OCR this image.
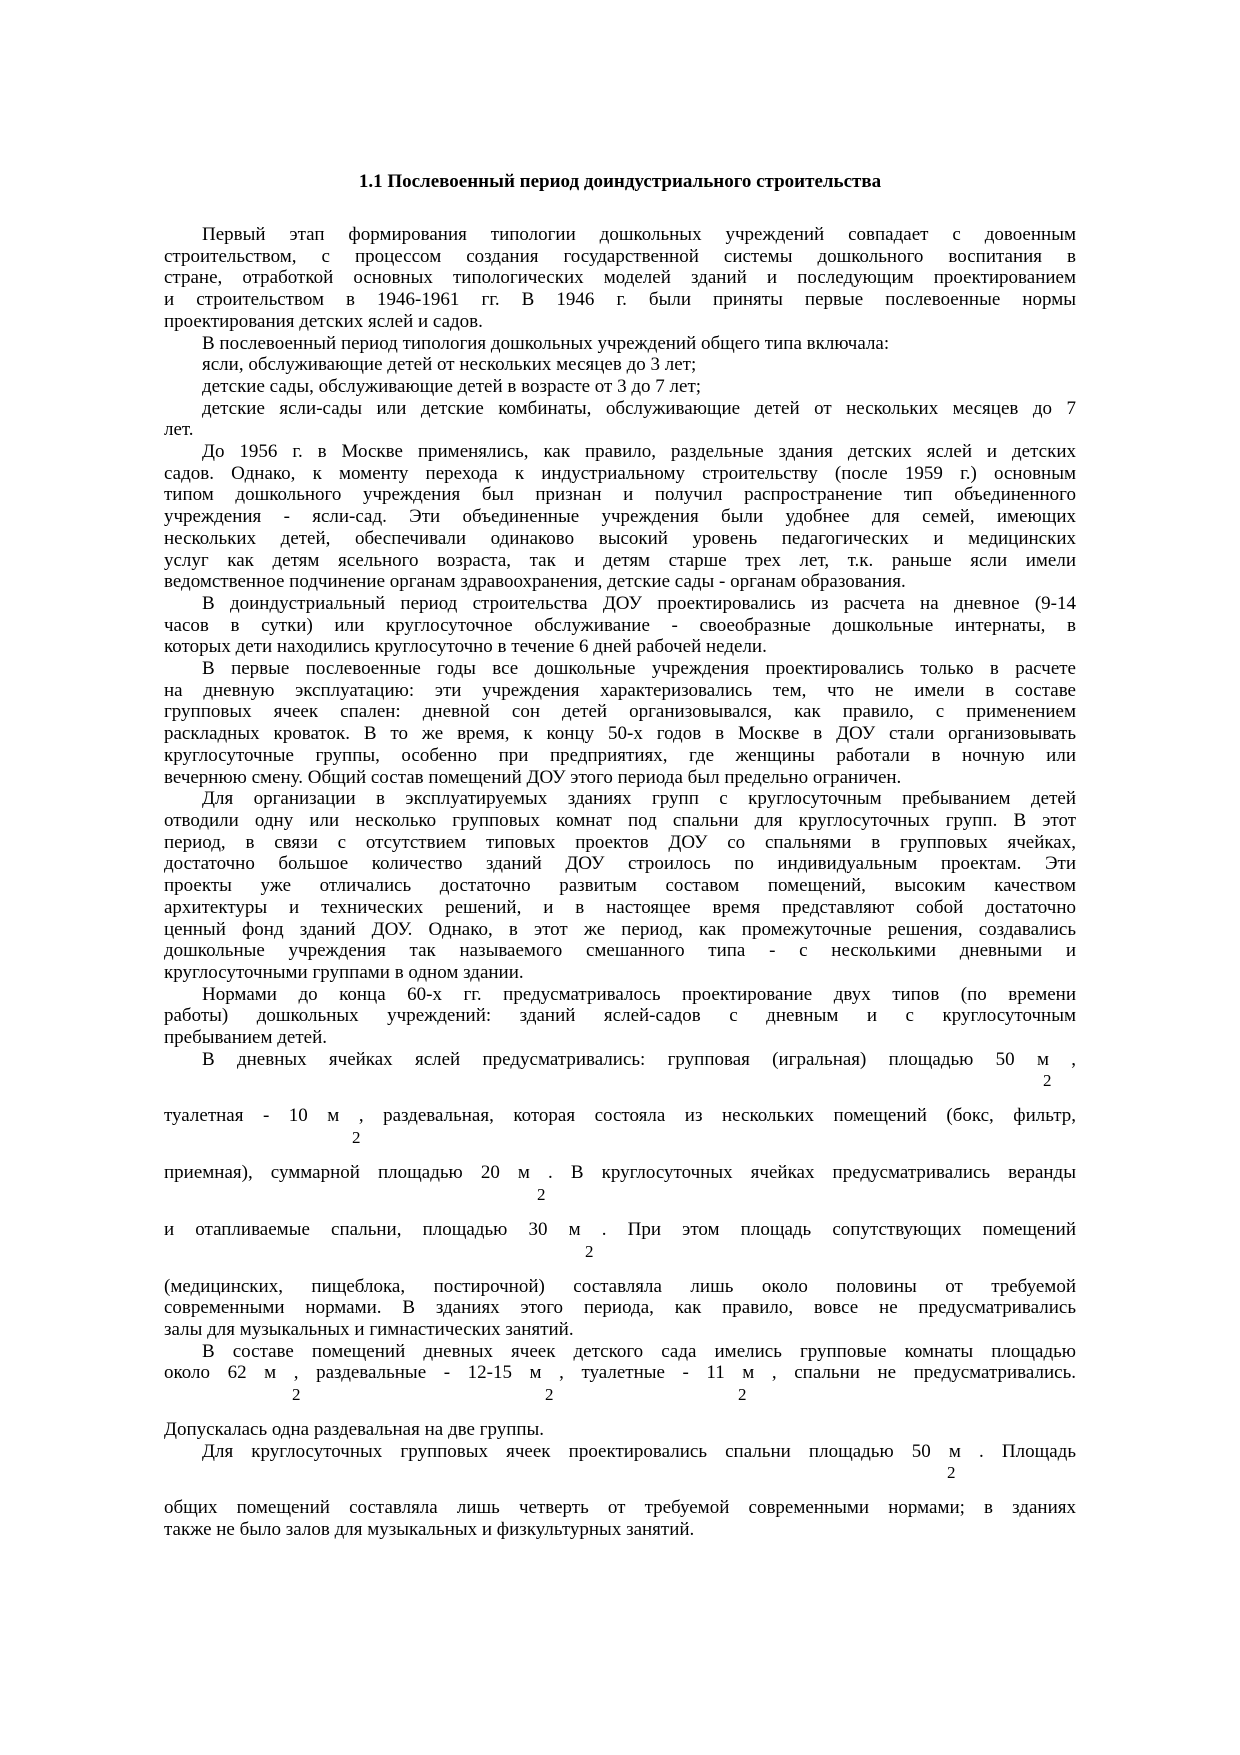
1.1 Послевоенный период доиндустриального строительства
Первый этап формирования типологии дошкольных учреждений совпадает с довоенным
строительством, с процессом создания государственной системы дошкольного воспитания в
стране, отработкой основных типологических моделей зданий и последующим проектированием
и строительством в 1946-1961 гг. В 1946 г. были приняты первые послевоенные нормы
проектирования детских яслей и садов.
В послевоенный период типология дошкольных учреждений общего типа включала:
ясли, обслуживающие детей от нескольких месяцев до 3 лет;
детские сады, обслуживающие детей в возрасте от 3 до 7 лет;
детские ясли-сады или детские комбинаты, обслуживающие детей от нескольких месяцев до 7
лет.
До 1956 г. в Москве применялись, как правило, раздельные здания детских яслей и детских
садов. Однако, к моменту перехода к индустриальному строительству (после 1959 г.) основным
типом дошкольного учреждения был признан и получил распространение тип объединенного
учреждения - ясли-сад. Эти объединенные учреждения были удобнее для семей, имеющих
нескольких детей, обеспечивали одинаково высокий уровень педагогических и медицинских
услуг как детям ясельного возраста, так и детям старше трех лет, т.к. раньше ясли имели
ведомственное подчинение органам здравоохранения, детские сады - органам образования.
В доиндустриальный период строительства ДОУ проектировались из расчета на дневное (9-14
часов в сутки) или круглосуточное обслуживание - своеобразные дошкольные интернаты, в
которых дети находились круглосуточно в течение 6 дней рабочей недели.
В первые послевоенные годы все дошкольные учреждения проектировались только в расчете
на дневную эксплуатацию: эти учреждения характеризовались тем, что не имели в составе
групповых ячеек спален: дневной сон детей организовывался, как правило, с применением
раскладных кроваток. В то же время, к концу 50-х годов в Москве в ДОУ стали организовывать
круглосуточные группы, особенно при предприятиях, где женщины работали в ночную или
вечернюю смену. Общий состав помещений ДОУ этого периода был предельно ограничен.
Для организации в эксплуатируемых зданиях групп с круглосуточным пребыванием детей
отводили одну или несколько групповых комнат под спальни для круглосуточных групп. В этот
период, в связи с отсутствием типовых проектов ДОУ со спальнями в групповых ячейках,
достаточно большое количество зданий ДОУ строилось по индивидуальным проектам. Эти
проекты уже отличались достаточно развитым составом помещений, высоким качеством
архитектуры и технических решений, и в настоящее время представляют собой достаточно
ценный фонд зданий ДОУ. Однако, в этот же период, как промежуточные решения, создавались
дошкольные учреждения так называемого смешанного типа - с несколькими дневными и
круглосуточными группами в одном здании.
Нормами до конца 60-х гг. предусматривалось проектирование двух типов (по времени
работы) дошкольных учреждений: зданий яслей-садов с дневным и с круглосуточным
пребыванием детей.
В дневных ячейках яслей предусматривались: групповая (игральная) площадью 50 м ,
2
туалетная - 10 м , раздевальная, которая состояла из нескольких помещений (бокс, фильтр,
2
приемная), суммарной площадью 20 м . В круглосуточных ячейках предусматривались веранды
2
и отапливаемые спальни, площадью 30 м . При этом площадь сопутствующих помещений
2
(медицинских, пищеблока, постирочной) составляла лишь около половины от требуемой
современными нормами. В зданиях этого периода, как правило, вовсе не предусматривались
залы для музыкальных и гимнастических занятий.
В составе помещений дневных ячеек детского сада имелись групповые комнаты площадью
около 62 м , раздевальные - 12-15 м , туалетные - 11 м , спальни не предусматривались.
2	2	2
Допускалась одна раздевальная на две группы.
Для круглосуточных групповых ячеек проектировались спальни площадью 50 м . Площадь
2
общих помещений составляла лишь четверть от требуемой современными нормами; в зданиях
также не было залов для музыкальных и физкультурных занятий.
